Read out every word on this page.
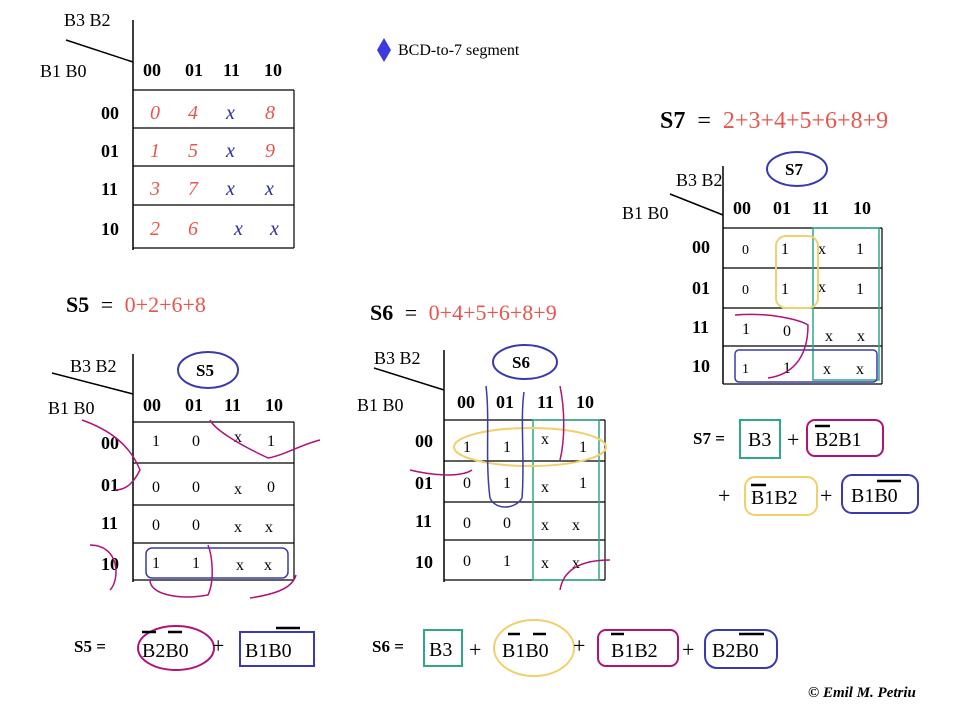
BCD-to-7 segment
B3 B2
B1 B0	00 01 11 10
00
01
11
10
0 4 x 8
1 5 x 9
3 7 x x
2 6 x x
S5 = 0+2+6+8
S5
B3 B2
B1 B0	00 01 11 10
00
01
11
10
1 0 x 1
0 0 x 0
0 0 x x
1 1 x x
S5 = B2B0 + B1B0
S6 = 0+4+5+6+8+9
S6
B3 B2
B1 B0	00 01 11 10
00
01
11
10
1 1 x 1
0 1 x 1
0 0 x x
0 1 x x
S6 = B3 + B1B0 + B1B2 + B2B0
S7 = 2+3+4+5+6+8+9
S7
B3 B2
B1 B0	00 01 11 10
00
01
11
10
0 1 x 1
0 1 x 1
1 0 x x
1 1 x x
S7 = B3 + B2B1
+ B1B2 + B1B0
© Emil M. Petriu
